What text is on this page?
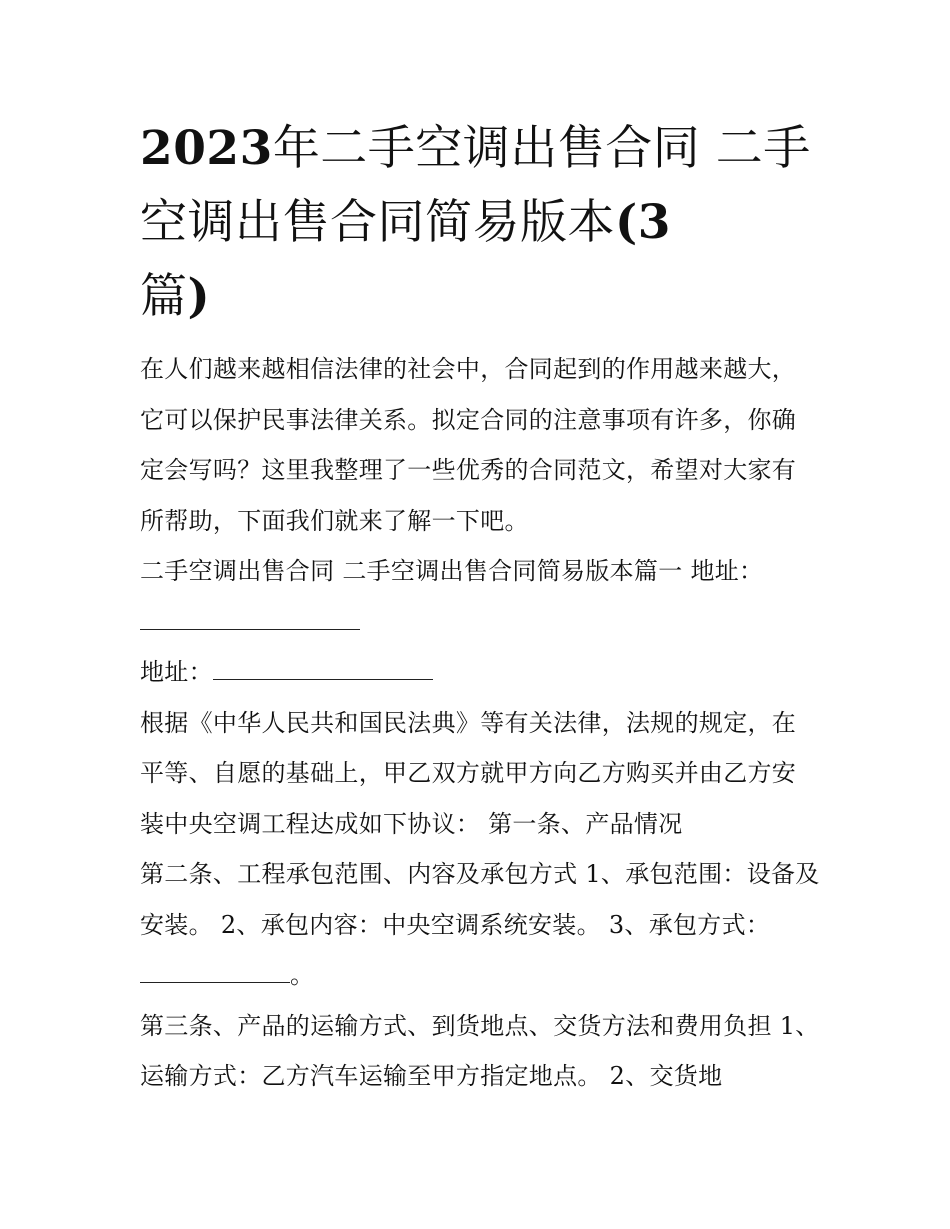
2023年二手空调出售合同 二手空调出售合同简易版本(3
篇)

在人们越来越相信法律的社会中，合同起到的作用越来越大，它可以保护民事法律关系。拟定合同的注意事项有许多，你确定会写吗？这里我整理了一些优秀的合同范文，希望对大家有所帮助，下面我们就来了解一下吧。

二手空调出售合同 二手空调出售合同简易版本篇一 地址：

地址：

根据《中华人民共和国民法典》等有关法律，法规的规定，在平等、自愿的基础上，甲乙双方就甲方向乙方购买并由乙方安装中央空调工程达成如下协议： 第一条、产品情况

第二条、工程承包范围、内容及承包方式 1、承包范围：设备及安装。 2、承包内容：中央空调系统安装。 3、承包方式：
。

第三条、产品的运输方式、到货地点、交货方法和费用负担 1、运输方式：乙方汽车运输至甲方指定地点。 2、交货地
